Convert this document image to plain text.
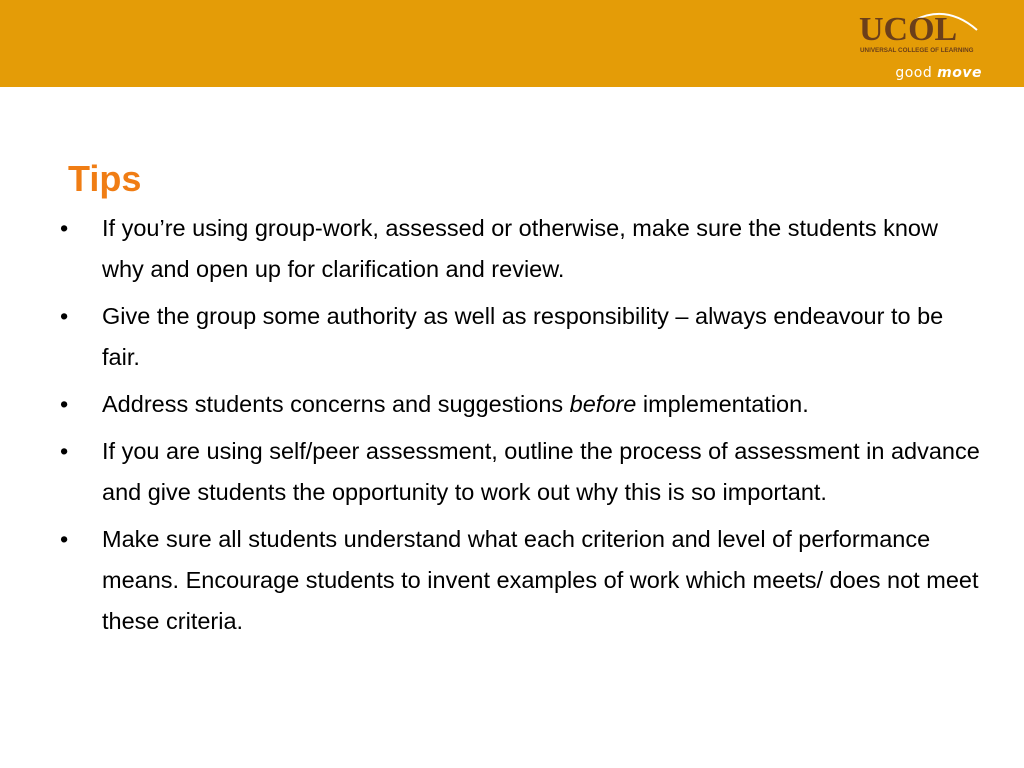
UCOL
UNIVERSAL COLLEGE OF LEARNING
good move
Tips
•	If you’re using group-work, assessed or otherwise, make sure the students know why and open up for clarification and review.
•	Give the group some authority as well as responsibility – always endeavour to be fair.
•	Address students concerns and suggestions before implementation.
•	If you are using self/peer assessment, outline the process of assessment in advance and give students the opportunity to work out why this is so important.
•	Make sure all students understand what each criterion and level of performance means. Encourage students to invent examples of work which meets/ does not meet these criteria.
